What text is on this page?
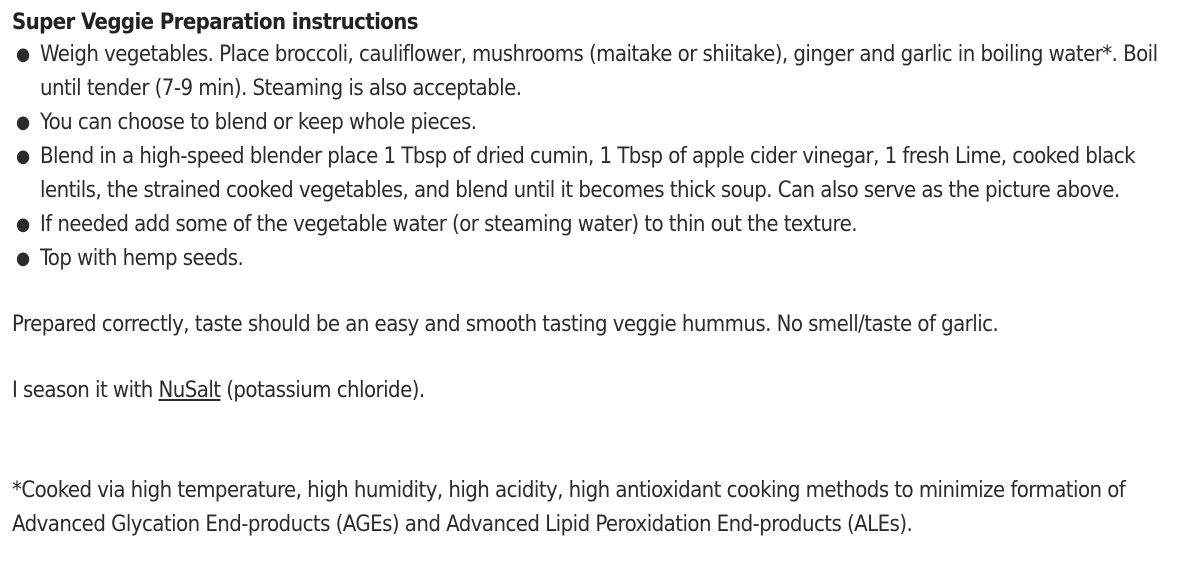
Super Veggie Preparation instructions
● Weigh vegetables. Place broccoli, cauliflower, mushrooms (maitake or shiitake), ginger and garlic in boiling water*. Boil until tender (7-9 min). Steaming is also acceptable.
● You can choose to blend or keep whole pieces.
● Blend in a high-speed blender place 1 Tbsp of dried cumin, 1 Tbsp of apple cider vinegar, 1 fresh Lime, cooked black lentils, the strained cooked vegetables, and blend until it becomes thick soup. Can also serve as the picture above.
● If needed add some of the vegetable water (or steaming water) to thin out the texture.
● Top with hemp seeds.

Prepared correctly, taste should be an easy and smooth tasting veggie hummus. No smell/taste of garlic.

I season it with NuSalt (potassium chloride).

*Cooked via high temperature, high humidity, high acidity, high antioxidant cooking methods to minimize formation of Advanced Glycation End-products (AGEs) and Advanced Lipid Peroxidation End-products (ALEs).
